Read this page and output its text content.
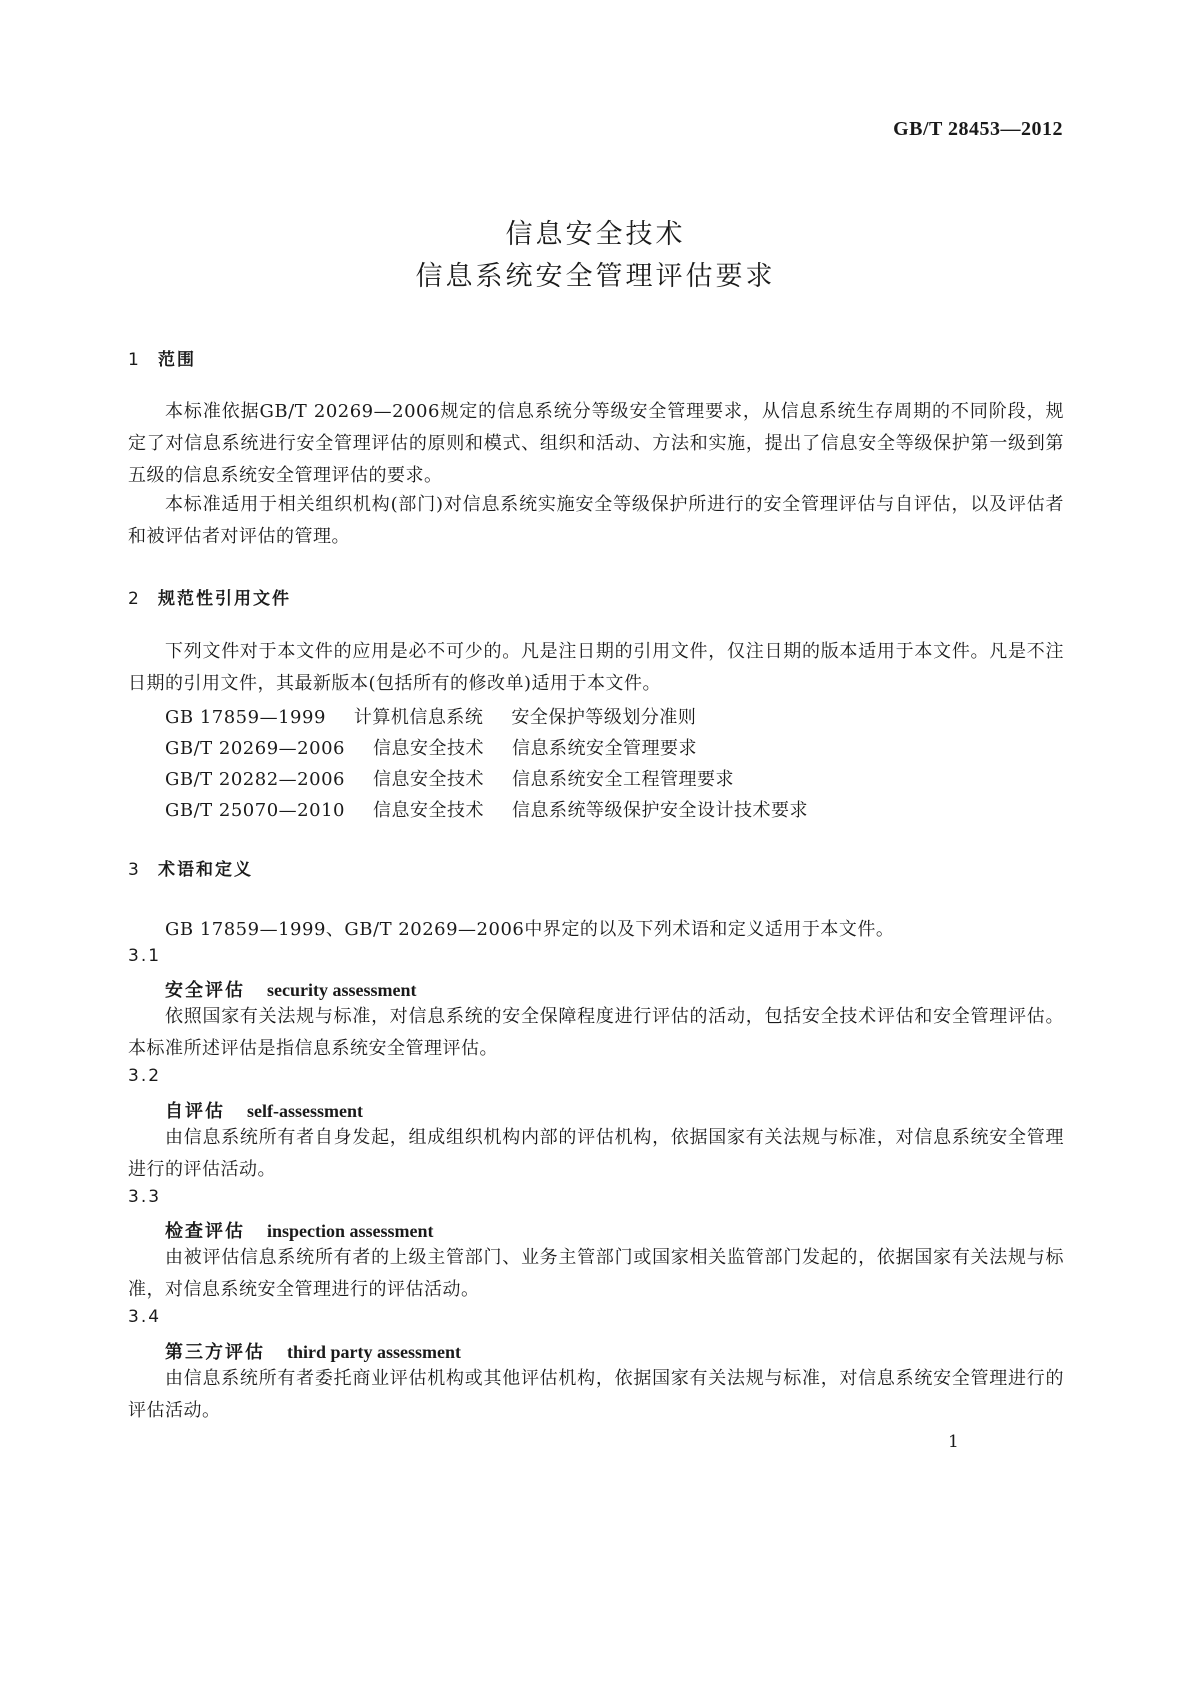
GB/T 28453—2012
信息安全技术
信息系统安全管理评估要求
1 范围
本标准依据GB/T 20269—2006规定的信息系统分等级安全管理要求，从信息系统生存周期的不同阶段，规定了对信息系统进行安全管理评估的原则和模式、组织和活动、方法和实施，提出了信息安全等级保护第一级到第五级的信息系统安全管理评估的要求。
本标准适用于相关组织机构(部门)对信息系统实施安全等级保护所进行的安全管理评估与自评估，以及评估者和被评估者对评估的管理。
2 规范性引用文件
下列文件对于本文件的应用是必不可少的。凡是注日期的引用文件，仅注日期的版本适用于本文件。凡是不注日期的引用文件，其最新版本(包括所有的修改单)适用于本文件。
GB 17859—1999 计算机信息系统 安全保护等级划分准则
GB/T 20269—2006 信息安全技术 信息系统安全管理要求
GB/T 20282—2006 信息安全技术 信息系统安全工程管理要求
GB/T 25070—2010 信息安全技术 信息系统等级保护安全设计技术要求
3 术语和定义
GB 17859—1999、GB/T 20269—2006中界定的以及下列术语和定义适用于本文件。
3.1
安全评估 security assessment
依照国家有关法规与标准，对信息系统的安全保障程度进行评估的活动，包括安全技术评估和安全管理评估。本标准所述评估是指信息系统安全管理评估。
3.2
自评估 self-assessment
由信息系统所有者自身发起，组成组织机构内部的评估机构，依据国家有关法规与标准，对信息系统安全管理进行的评估活动。
3.3
检查评估 inspection assessment
由被评估信息系统所有者的上级主管部门、业务主管部门或国家相关监管部门发起的，依据国家有关法规与标准，对信息系统安全管理进行的评估活动。
3.4
第三方评估 third party assessment
由信息系统所有者委托商业评估机构或其他评估机构，依据国家有关法规与标准，对信息系统安全管理进行的评估活动。
1
